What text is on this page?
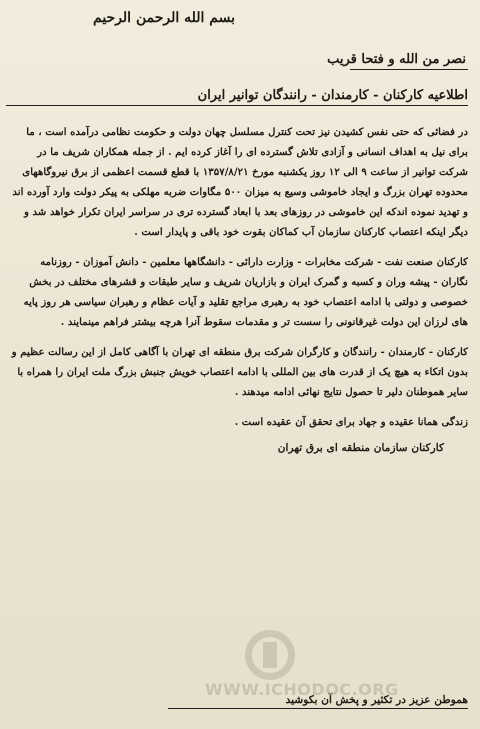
بسم الله الرحمن الرحیم
نصر من الله و فتحا قریب
اطلاعیه کارکنان - کارمندان - رانندگان توانیر ایران

در فضائی که حتی نفس کشیدن نیز تحت کنترل مسلسل چهان دولت و حکومت نظامی درآمده است ، ما برای نیل به اهداف انسانی و آزادی تلاش گسترده ای را آغاز کرده ایم . از جمله همکاران شریف ما در شرکت توانیر از ساعت ۹ الی ۱۲ روز یکشنبه مورخ ۱۳۵۷/۸/۲۱ با قطع قسمت اعظمی از برق نیروگاههای محدوده تهران بزرگ و ایجاد خاموشی وسیع به میزان ۵۰۰ مگاوات ضربه مهلکی به پیکر دولت وارد آورده اند و تهدید نموده اندکه این خاموشی در روزهای بعد با ابعاد گسترده تری در سراسر ایران تکرار خواهد شد و دیگر اینکه اعتصاب کارکنان سازمان آب کماکان بقوت خود باقی و پایدار است .

کارکنان صنعت نفت - شرکت مخابرات - وزارت دارائی - دانشگاهها معلمین - دانش آموزان - روزنامه نگاران - پیشه وران و کسبه و گمرک ایران و بازاریان شریف و سایر طبقات و قشرهای مختلف در بخش خصوصی و دولتی با ادامه اعتصاب خود به رهبری مراجع تقلید و آیات عظام و رهبران سیاسی هر روز پایه های لرزان این دولت غیرقانونی را سست تر و مقدمات سقوط آنرا هرچه بیشتر فراهم مینمایند .

کارکنان - کارمندان - رانندگان و کارگران شرکت برق منطقه ای تهران با آگاهی کامل از این رسالت عظیم و بدون اتکاء به هیچ یک از قدرت های بین المللی با ادامه اعتصاب خویش جنبش بزرگ ملت ایران را همراه با سایر هموطنان دلیر تا حصول نتایج نهائی ادامه میدهند .

زندگی همانا عقیده و جهاد برای تحقق آن عقیده است .

کارکنان سازمان منطقه ای برق تهران
هموطن عزیز در تکثیر و پخش آن بکوشید
WWW.ICHODOC.ORG
